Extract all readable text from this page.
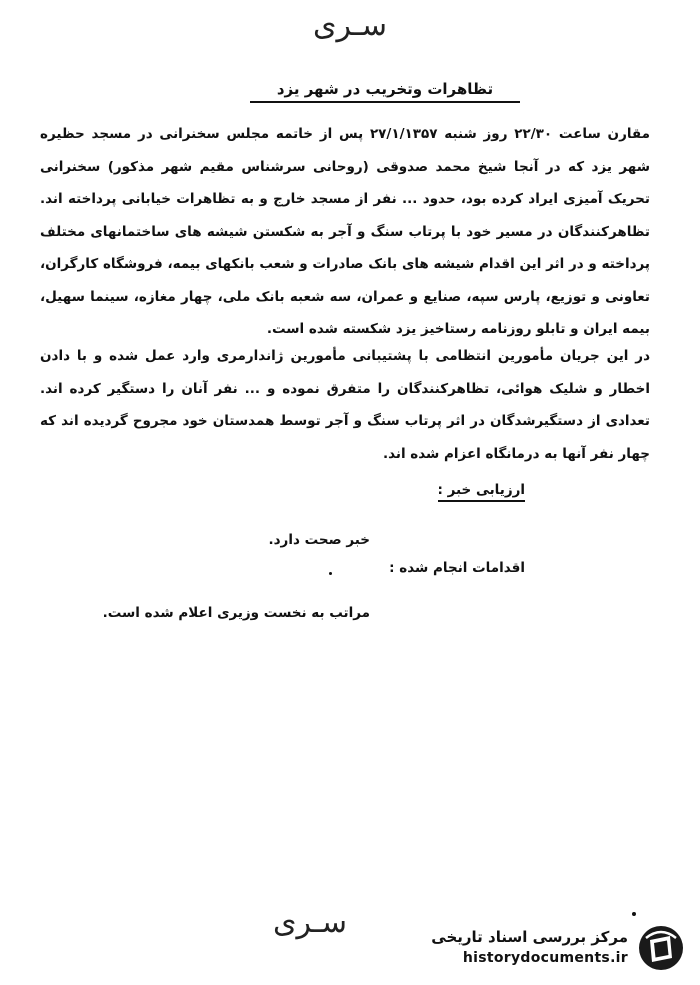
سـری
تظاهرات وتخریب در شهر یزد
مقارن ساعت ۲۲/۳۰ روز شنبه ۲۷/۱/۱۳۵۷ پس از خاتمه مجلس سخنرانی در مسجد حظیره شهر یزد که در آنجا شیخ محمد صدوقی (روحانی سرشناس مقیم شهر مذکور) سخنرانی تحریک آمیزی ایراد کرده بود، حدود ... نفر از مسجد خارج و به تظاهرات خیابانی پرداخته اند. تظاهرکنندگان در مسیر خود با پرتاب سنگ و آجر به شکستن شیشه های ساختمانهای مختلف پرداخته و در اثر این اقدام شیشه های بانک صادرات و شعب بانکهای بیمه، فروشگاه کارگران، تعاونی و توزیع، پارس سپه، صنایع و عمران، سه شعبه بانک ملی، چهار مغازه، سینما سهیل، بیمه ایران و تابلو روزنامه رستاخیز یزد شکسته شده است.
در این جریان مأمورین انتظامی با پشتیبانی مأمورین ژاندارمری وارد عمل شده و با دادن اخطار و شلیک هوائی، تظاهرکنندگان را متفرق نموده و ... نفر آنان را دستگیر کرده اند. تعدادی از دستگیرشدگان در اثر پرتاب سنگ و آجر توسط همدستان خود مجروح گردیده اند که چهار نفر آنها به درمانگاه اعزام شده اند.
ارزیابی خبر :
خبر صحت دارد.
اقدامات انجام شده :
مراتب به نخست وزیری اعلام شده است.
سـری	مرکز بررسی اسناد تاریخی
historydocuments.ir
